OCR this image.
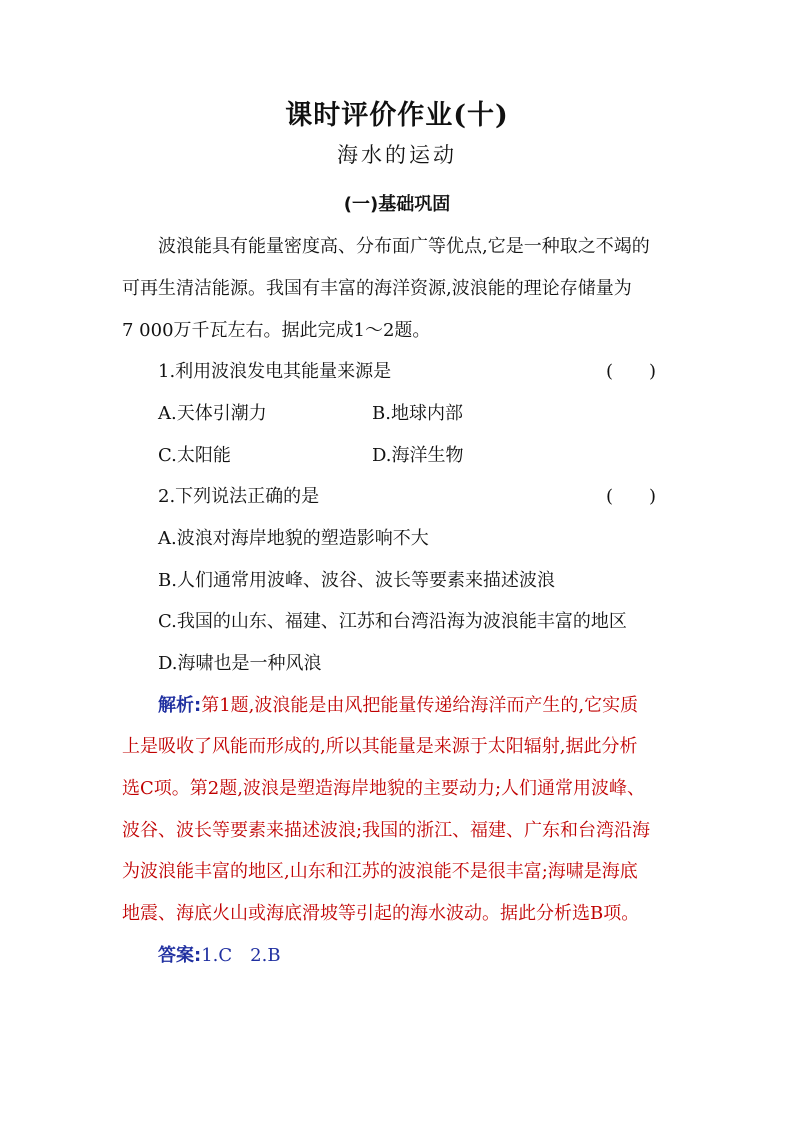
课时评价作业(十)
海水的运动
(一)基础巩固
波浪能具有能量密度高、分布面广等优点,它是一种取之不竭的
可再生清洁能源。我国有丰富的海洋资源,波浪能的理论存储量为
7 000万千瓦左右。据此完成1～2题。
1.利用波浪发电其能量来源是	(　　)
A.天体引潮力	B.地球内部
C.太阳能	D.海洋生物
2.下列说法正确的是	(　　)
A.波浪对海岸地貌的塑造影响不大
B.人们通常用波峰、波谷、波长等要素来描述波浪
C.我国的山东、福建、江苏和台湾沿海为波浪能丰富的地区
D.海啸也是一种风浪
解析:第1题,波浪能是由风把能量传递给海洋而产生的,它实质
上是吸收了风能而形成的,所以其能量是来源于太阳辐射,据此分析
选C项。第2题,波浪是塑造海岸地貌的主要动力;人们通常用波峰、
波谷、波长等要素来描述波浪;我国的浙江、福建、广东和台湾沿海
为波浪能丰富的地区,山东和江苏的波浪能不是很丰富;海啸是海底
地震、海底火山或海底滑坡等引起的海水波动。据此分析选B项。
答案:1.C　2.B
